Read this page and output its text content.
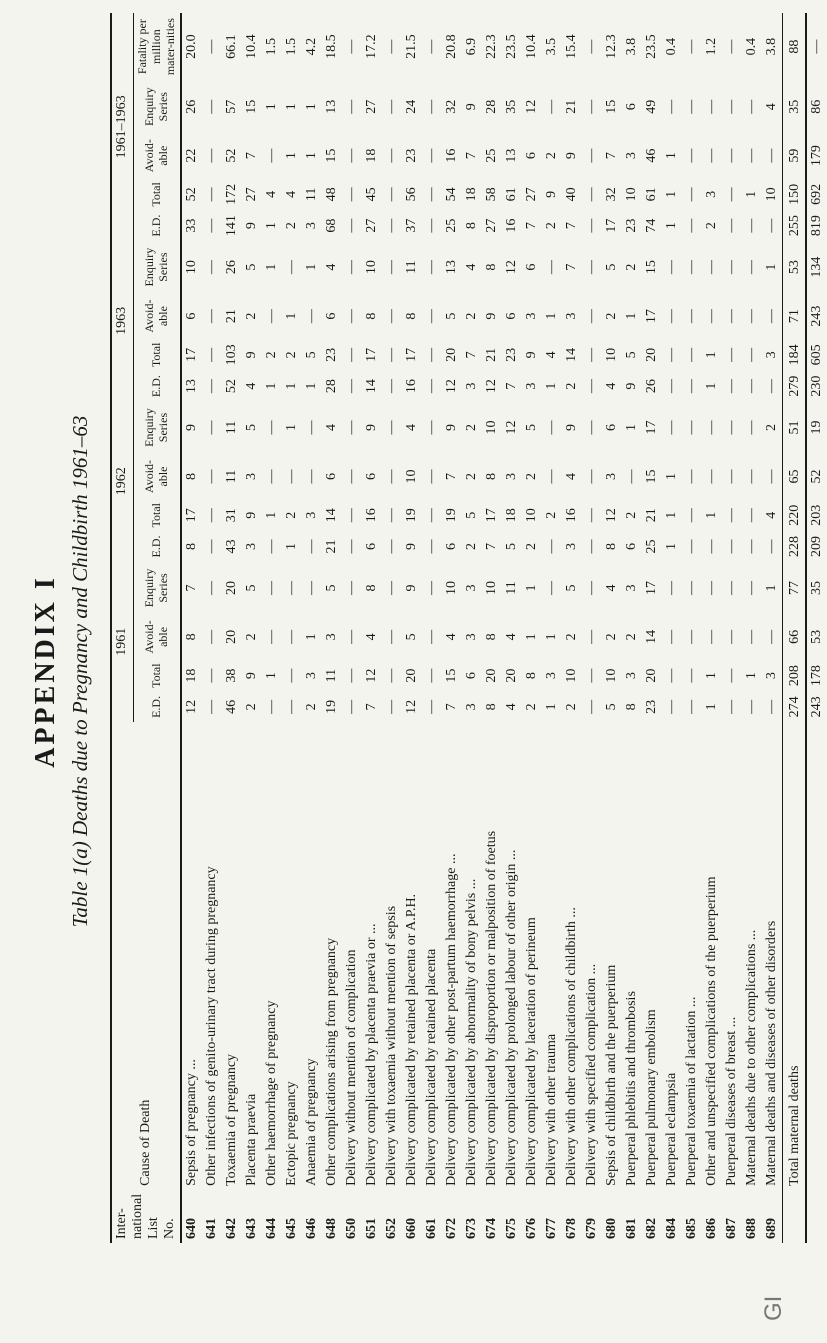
GI
APPENDIX I Table 1(a) Deaths due to Pregnancy and Childbirth 1961–63
Inter-national List No.	Cause of Death	1961				1962				1963				1961–1963				
		E.D.	Total	Avoid-able	Enquiry Series	E.D.	Total	Avoid-able	Enquiry Series	E.D.	Total	Avoid-able	Enquiry Series	E.D.	Total	Avoid-able	Enquiry Series	Fatality per million mater-nities
640	Sepsis of pregnancy ...	12	18	8	7	8	17	8	9	13	17	6	10	33	52	22	26	20.0
641	Other infections of genito-urinary tract during pregnancy	—	—	—	—	—	—	—	—	—	—	—	—	—	—	—	—	—
642	Toxaemia of pregnancy	46	38	20	20	43	31	11	11	52	103	21	26	141	172	52	57	66.1
643	Placenta praevia	2	9	2	5	3	9	3	5	4	9	2	5	9	27	7	15	10.4
644	Other haemorrhage of pregnancy	—	1	—	—	—	1	—	—	1	2	—	1	1	4	—	1	1.5
645	Ectopic pregnancy	—	—	—	—	1	2	—	1	1	2	1	—	2	4	1	1	1.5
646	Anaemia of pregnancy	2	3	1	—	—	3	—	—	1	5	—	1	3	11	1	1	4.2
648	Other complications arising from pregnancy	19	11	3	5	21	14	6	4	28	23	6	4	68	48	15	13	18.5
650	Delivery without mention of complication	—	—	—	—	—	—	—	—	—	—	—	—	—	—	—	—	—
651	Delivery complicated by placenta praevia or ...	7	12	4	8	6	16	6	9	14	17	8	10	27	45	18	27	17.2
652	Delivery with toxaemia without mention of sepsis	—	—	—	—	—	—	—	—	—	—	—	—	—	—	—	—	—
660	Delivery complicated by retained placenta or A.P.H.	12	20	5	9	9	19	10	4	16	17	8	11	37	56	23	24	21.5
661	Delivery complicated by retained placenta	—	—	—	—	—	—	—	—	—	—	—	—	—	—	—	—	—
672	Delivery complicated by other post-partum haemorrhage ...	7	15	4	10	6	19	7	9	12	20	5	13	25	54	16	32	20.8
673	Delivery complicated by abnormality of bony pelvis ...	3	6	3	3	2	5	2	2	3	7	2	4	8	18	7	9	6.9
674	Delivery complicated by disproportion or malposition of foetus	8	20	8	10	7	17	8	10	12	21	9	8	27	58	25	28	22.3
675	Delivery complicated by prolonged labour of other origin ...	4	20	4	11	5	18	3	12	7	23	6	12	16	61	13	35	23.5
676	Delivery complicated by laceration of perineum	2	8	1	1	2	10	2	5	3	9	3	6	7	27	6	12	10.4
677	Delivery with other trauma	1	3	1	—	—	2	—	—	1	4	1	—	2	9	2	—	3.5
678	Delivery with other complications of childbirth ...	2	10	2	5	3	16	4	9	2	14	3	7	7	40	9	21	15.4
679	Delivery with specified complication ...	—	—	—	—	—	—	—	—	—	—	—	—	—	—	—	—	—
680	Sepsis of childbirth and the puerperium	5	10	2	4	8	12	3	6	4	10	2	5	17	32	7	15	12.3
681	Puerperal phlebitis and thrombosis	8	3	2	3	6	2	—	1	9	5	1	2	23	10	3	6	3.8
682	Puerperal pulmonary embolism	23	20	14	17	25	21	15	17	26	20	17	15	74	61	46	49	23.5
684	Puerperal eclampsia	—	—	—	—	1	1	1	—	—	—	—	—	1	1	1	—	0.4
685	Puerperal toxaemia of lactation ...	—	—	—	—	—	—	—	—	—	—	—	—	—	—	—	—	—
686	Other and unspecified complications of the puerperium	1	1	—	—	—	1	—	—	1	1	—	—	2	3	—	—	1.2
687	Puerperal diseases of breast ...	—	—	—	—	—	—	—	—	—	—	—	—	—	—	—	—	—
688	Maternal deaths due to other complications ...	—	1	—	—	—	—	—	—	—	—	—	—	—	1	—	—	0.4
689	Maternal deaths and diseases of other disorders	—	3	—	1	—	4	—	2	—	3	—	1	—	10	—	4	3.8
	Total maternal deaths	274	208	66	77	228	220	65	51	279	184	71	53	255	150	59	35	88
		243	178	53	35	209	203	52	19	230	605	243	134	819	692	179	86	—
